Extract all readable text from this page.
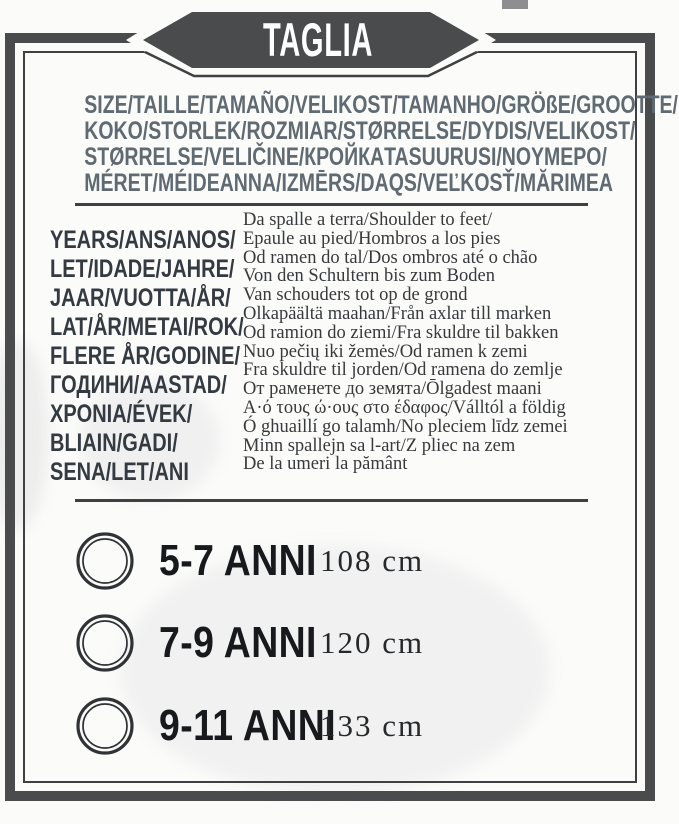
SIZE/TAILLE/TAMAÑO/VELIKOST/TAMANHO/GRÖßE/GROOTTE/
KOKO/STORLEK/ROZMIAR/STØRRELSE/DYDIS/VELIKOST/
STØRRELSE/VELIČINE/КРОЙКАTASUURUSI/NOYMEPO/
MÉRET/MÉIDEANNA/IZMĒRS/DAQS/VEĽKOSŤ/MĂRIMEA
YEARS/ANS/ANOS/
LET/IDADE/JAHRE/
JAAR/VUOTTA/ÅR/
LAT/ÅR/METAI/ROK/
FLERE ÅR/GODINE/
ГОДИНИ/AASTAD/
XPONIA/ÉVEK/
BLIAIN/GADI/
SENA/LET/ANI
Da spalle a terra/Shoulder to feet/
Epaule au pied/Hombros a los pies
Od ramen do tal/Dos ombros até o chão
Von den Schultern bis zum Boden
Van schouders tot op de grond
Olkapäältä maahan/Från axlar till marken
Od ramion do ziemi/Fra skuldre til bakken
Nuo pečių iki žemės/Od ramen k zemi
Fra skuldre til jorden/Od ramena do zemlje
От раменете до земята/Ōlgadest maani
Α·ό τους ώ·ους στο έδαφος/Válltól a földig
Ó ghuaillí go talamh/No pleciem līdz zemei
Minn spallejn sa l-art/Z pliec na zem
De la umeri la pământ
5-7 ANNI 108 cm
7-9 ANNI 120 cm
9-11 ANNI
133 cm
TAGLIA
